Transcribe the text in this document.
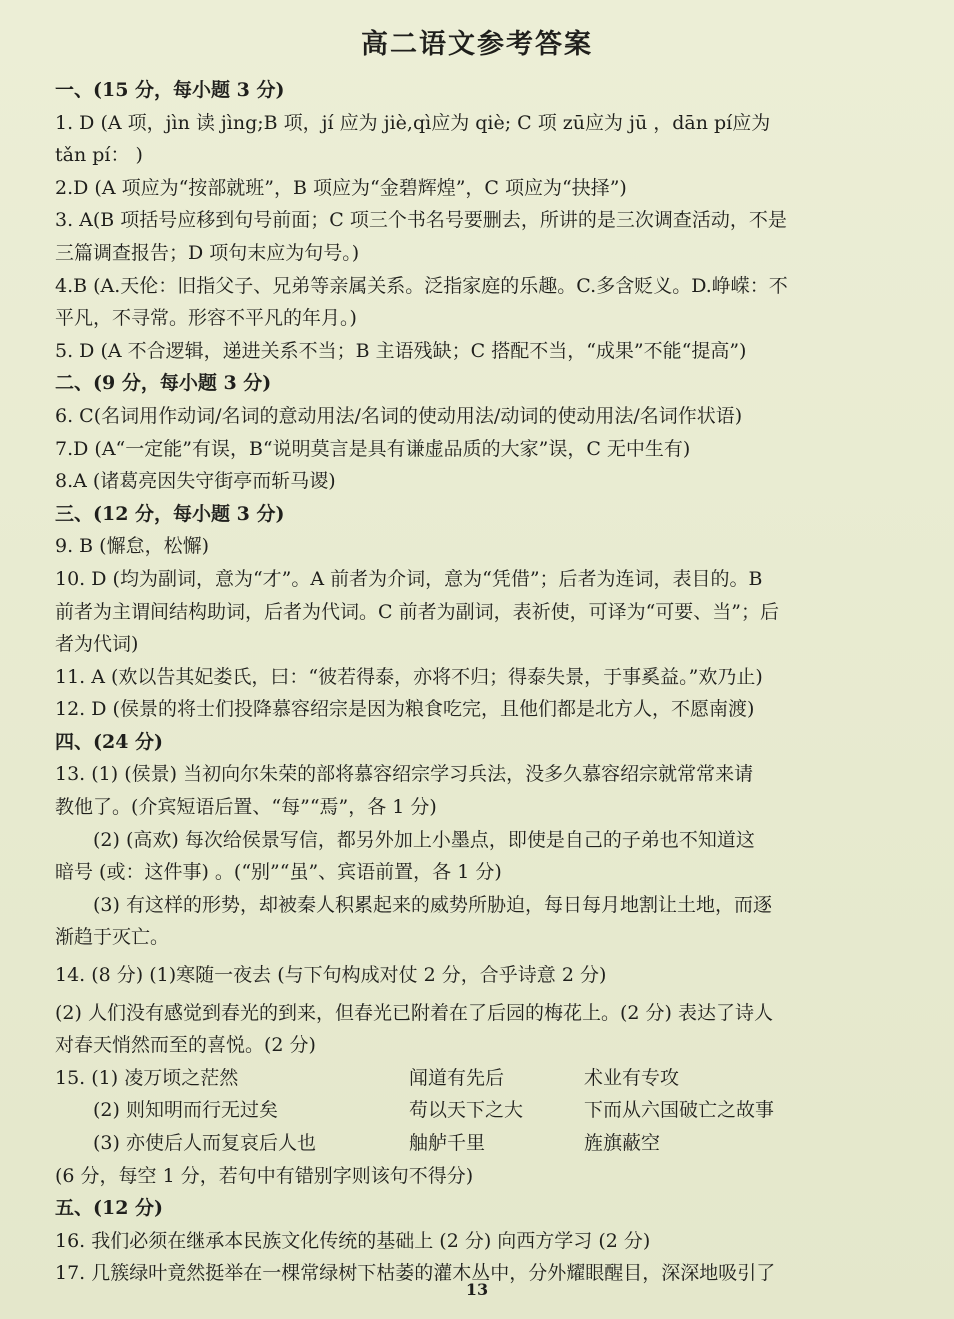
高二语文参考答案
一、(15 分，每小题 3 分)
1. D (A 项，jìn 读 jìng;B 项，jí 应为 jiè,qì应为 qiè; C 项 zū应为 jū ，dān pí应为
tǎn pí： )
2.D (A 项应为“按部就班”，B 项应为“金碧辉煌”，C 项应为“抉择”)
3. A(B 项括号应移到句号前面；C 项三个书名号要删去，所讲的是三次调查活动，不是
三篇调查报告；D 项句末应为句号。)
4.B (A.天伦：旧指父子、兄弟等亲属关系。泛指家庭的乐趣。C.多含贬义。D.峥嵘：不
平凡，不寻常。形容不平凡的年月。)
5. D (A 不合逻辑，递进关系不当；B 主语残缺；C 搭配不当，“成果”不能“提高”)
二、(9 分，每小题 3 分)
6. C(名词用作动词/名词的意动用法/名词的使动用法/动词的使动用法/名词作状语)
7.D (A“一定能”有误，B“说明莫言是具有谦虚品质的大家”误，C 无中生有)
8.A (诸葛亮因失守街亭而斩马谡)
三、(12 分，每小题 3 分)
9. B (懈怠，松懈)
10. D (均为副词，意为“才”。A 前者为介词，意为“凭借”；后者为连词，表目的。B
前者为主谓间结构助词，后者为代词。C 前者为副词，表祈使，可译为“可要、当”；后
者为代词)
11. A (欢以告其妃娄氏，曰：“彼若得泰，亦将不归；得泰失景，于事奚益。”欢乃止)
12. D (侯景的将士们投降慕容绍宗是因为粮食吃完，且他们都是北方人，不愿南渡)
四、(24 分)
13. (1) (侯景) 当初向尔朱荣的部将慕容绍宗学习兵法，没多久慕容绍宗就常常来请
教他了。(介宾短语后置、“每”“焉”，各 1 分)
(2) (高欢) 每次给侯景写信，都另外加上小墨点，即使是自己的子弟也不知道这
暗号 (或：这件事) 。(“别”“虽”、宾语前置，各 1 分)
(3) 有这样的形势，却被秦人积累起来的威势所胁迫，每日每月地割让土地，而逐
渐趋于灭亡。
14. (8 分) (1)寒随一夜去 (与下句构成对仗 2 分，合乎诗意 2 分)
(2) 人们没有感觉到春光的到来，但春光已附着在了后园的梅花上。(2 分) 表达了诗人
对春天悄然而至的喜悦。(2 分)
15. (1) 凌万顷之茫然	闻道有先后	术业有专攻
(2) 则知明而行无过矣	苟以天下之大	下而从六国破亡之故事
(3) 亦使后人而复哀后人也	舳舻千里	旌旗蔽空
(6 分，每空 1 分，若句中有错别字则该句不得分)
五、(12 分)
16. 我们必须在继承本民族文化传统的基础上 (2 分) 向西方学习 (2 分)
17. 几簇绿叶竟然挺举在一棵常绿树下枯萎的灌木丛中，分外耀眼醒目，深深地吸引了
13
